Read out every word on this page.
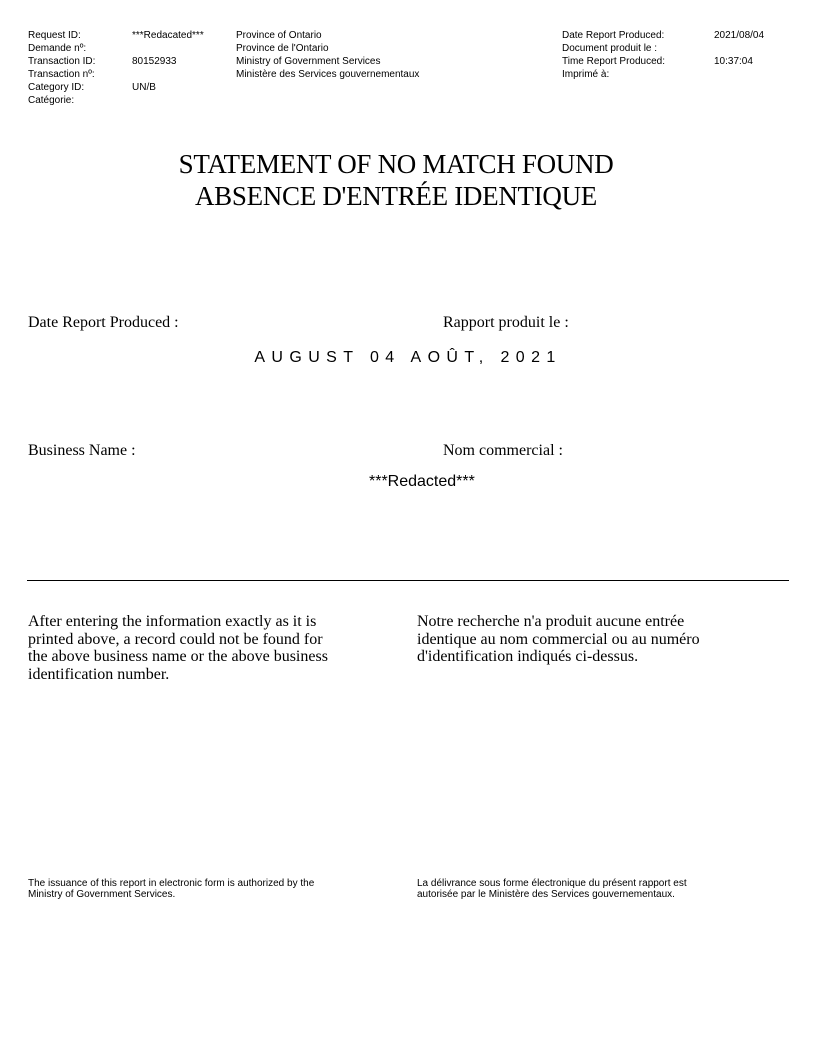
Request ID:
Demande nº:
Transaction ID:
Transaction nº:
Category ID:
Catégorie:
***Redacated***
80152933
UN/B
Province of Ontario
Province de l'Ontario
Ministry of Government Services
Ministère des Services gouvernementaux
Date Report Produced:
Document produit le :
Time Report Produced:
Imprimé à:
2021/08/04
10:37:04
STATEMENT OF NO MATCH FOUND
ABSENCE D'ENTRÉE IDENTIQUE
Date Report Produced :	Rapport produit le :
AUGUST 04 AOÛT, 2021
Business Name :	Nom commercial :
***Redacted***
After entering the information exactly as it is printed above, a record could not be found for the above business name or the above business identification number.
Notre recherche n'a produit aucune entrée identique au nom commercial ou au numéro d'identification indiqués ci-dessus.
The issuance of this report in electronic form is authorized by the Ministry of Government Services.
La délivrance sous forme électronique du présent rapport est autorisée par le Ministère des Services gouvernementaux.
